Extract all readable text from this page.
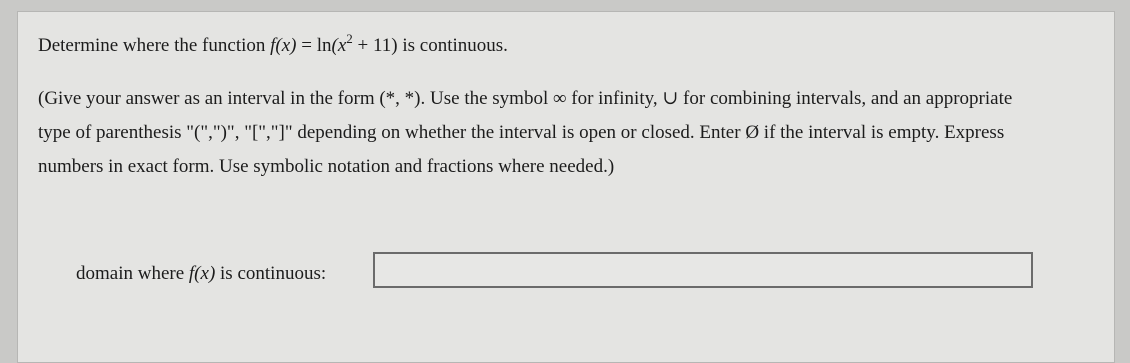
Determine where the function $f(x) = \ln(x^2 + 11)$ is continuous.

(Give your answer as an interval in the form (*, *). Use the symbol ∞ for infinity, ∪ for combining intervals, and an appropriate

type of parenthesis "(",")", "[","]" depending on whether the interval is open or closed. Enter Ø if the interval is empty. Express

numbers in exact form. Use symbolic notation and fractions where needed.)

domain where f(x) is continuous:
